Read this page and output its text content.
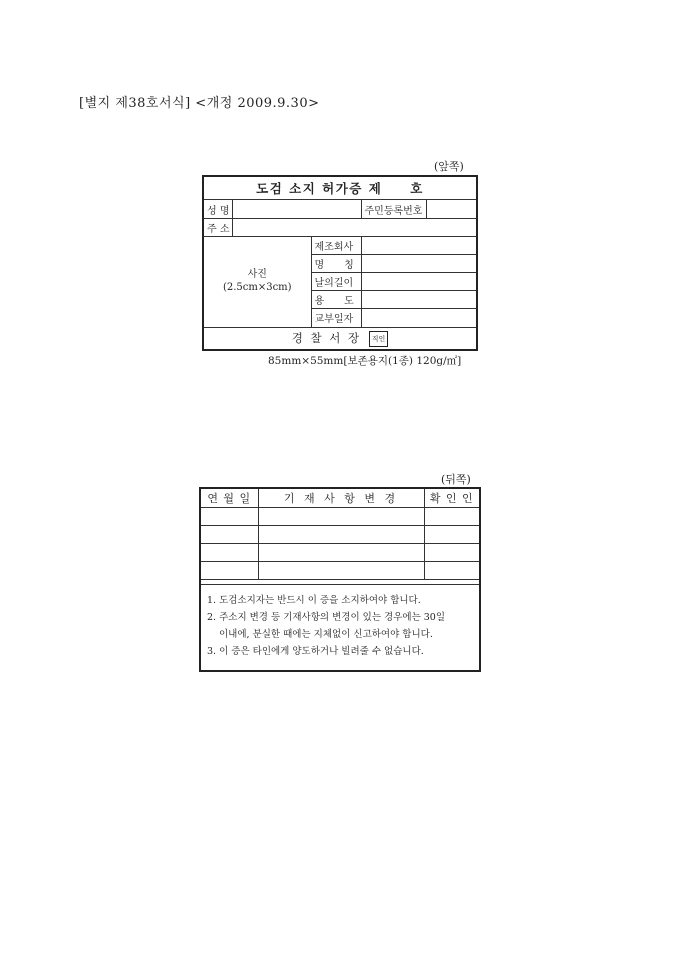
[별지 제38호서식] <개정 2009.9.30>
(앞쪽)
도검 소지 허가증 제　　호				
성 명			주민등록번호	
주 소				

사진
(2.5cm×3cm)		제조회사		
		명　　칭		
		날의길이		
		용　　도		
		교부일자		
경 찰 서 장 직인				
85mm×55mm[보존용지(1종) 120g/㎡]
(뒤쪽)
연 월 일	기 재 사 항 변 경	확 인 인

1. 도검소지자는 반드시 이 증을 소지하여야 합니다.
2. 주소지 변경 등 기재사항의 변경이 있는 경우에는 30일
이내에, 분실한 때에는 지체없이 신고하여야 합니다.
3. 이 증은 타인에게 양도하거나 빌려줄 수 없습니다.
